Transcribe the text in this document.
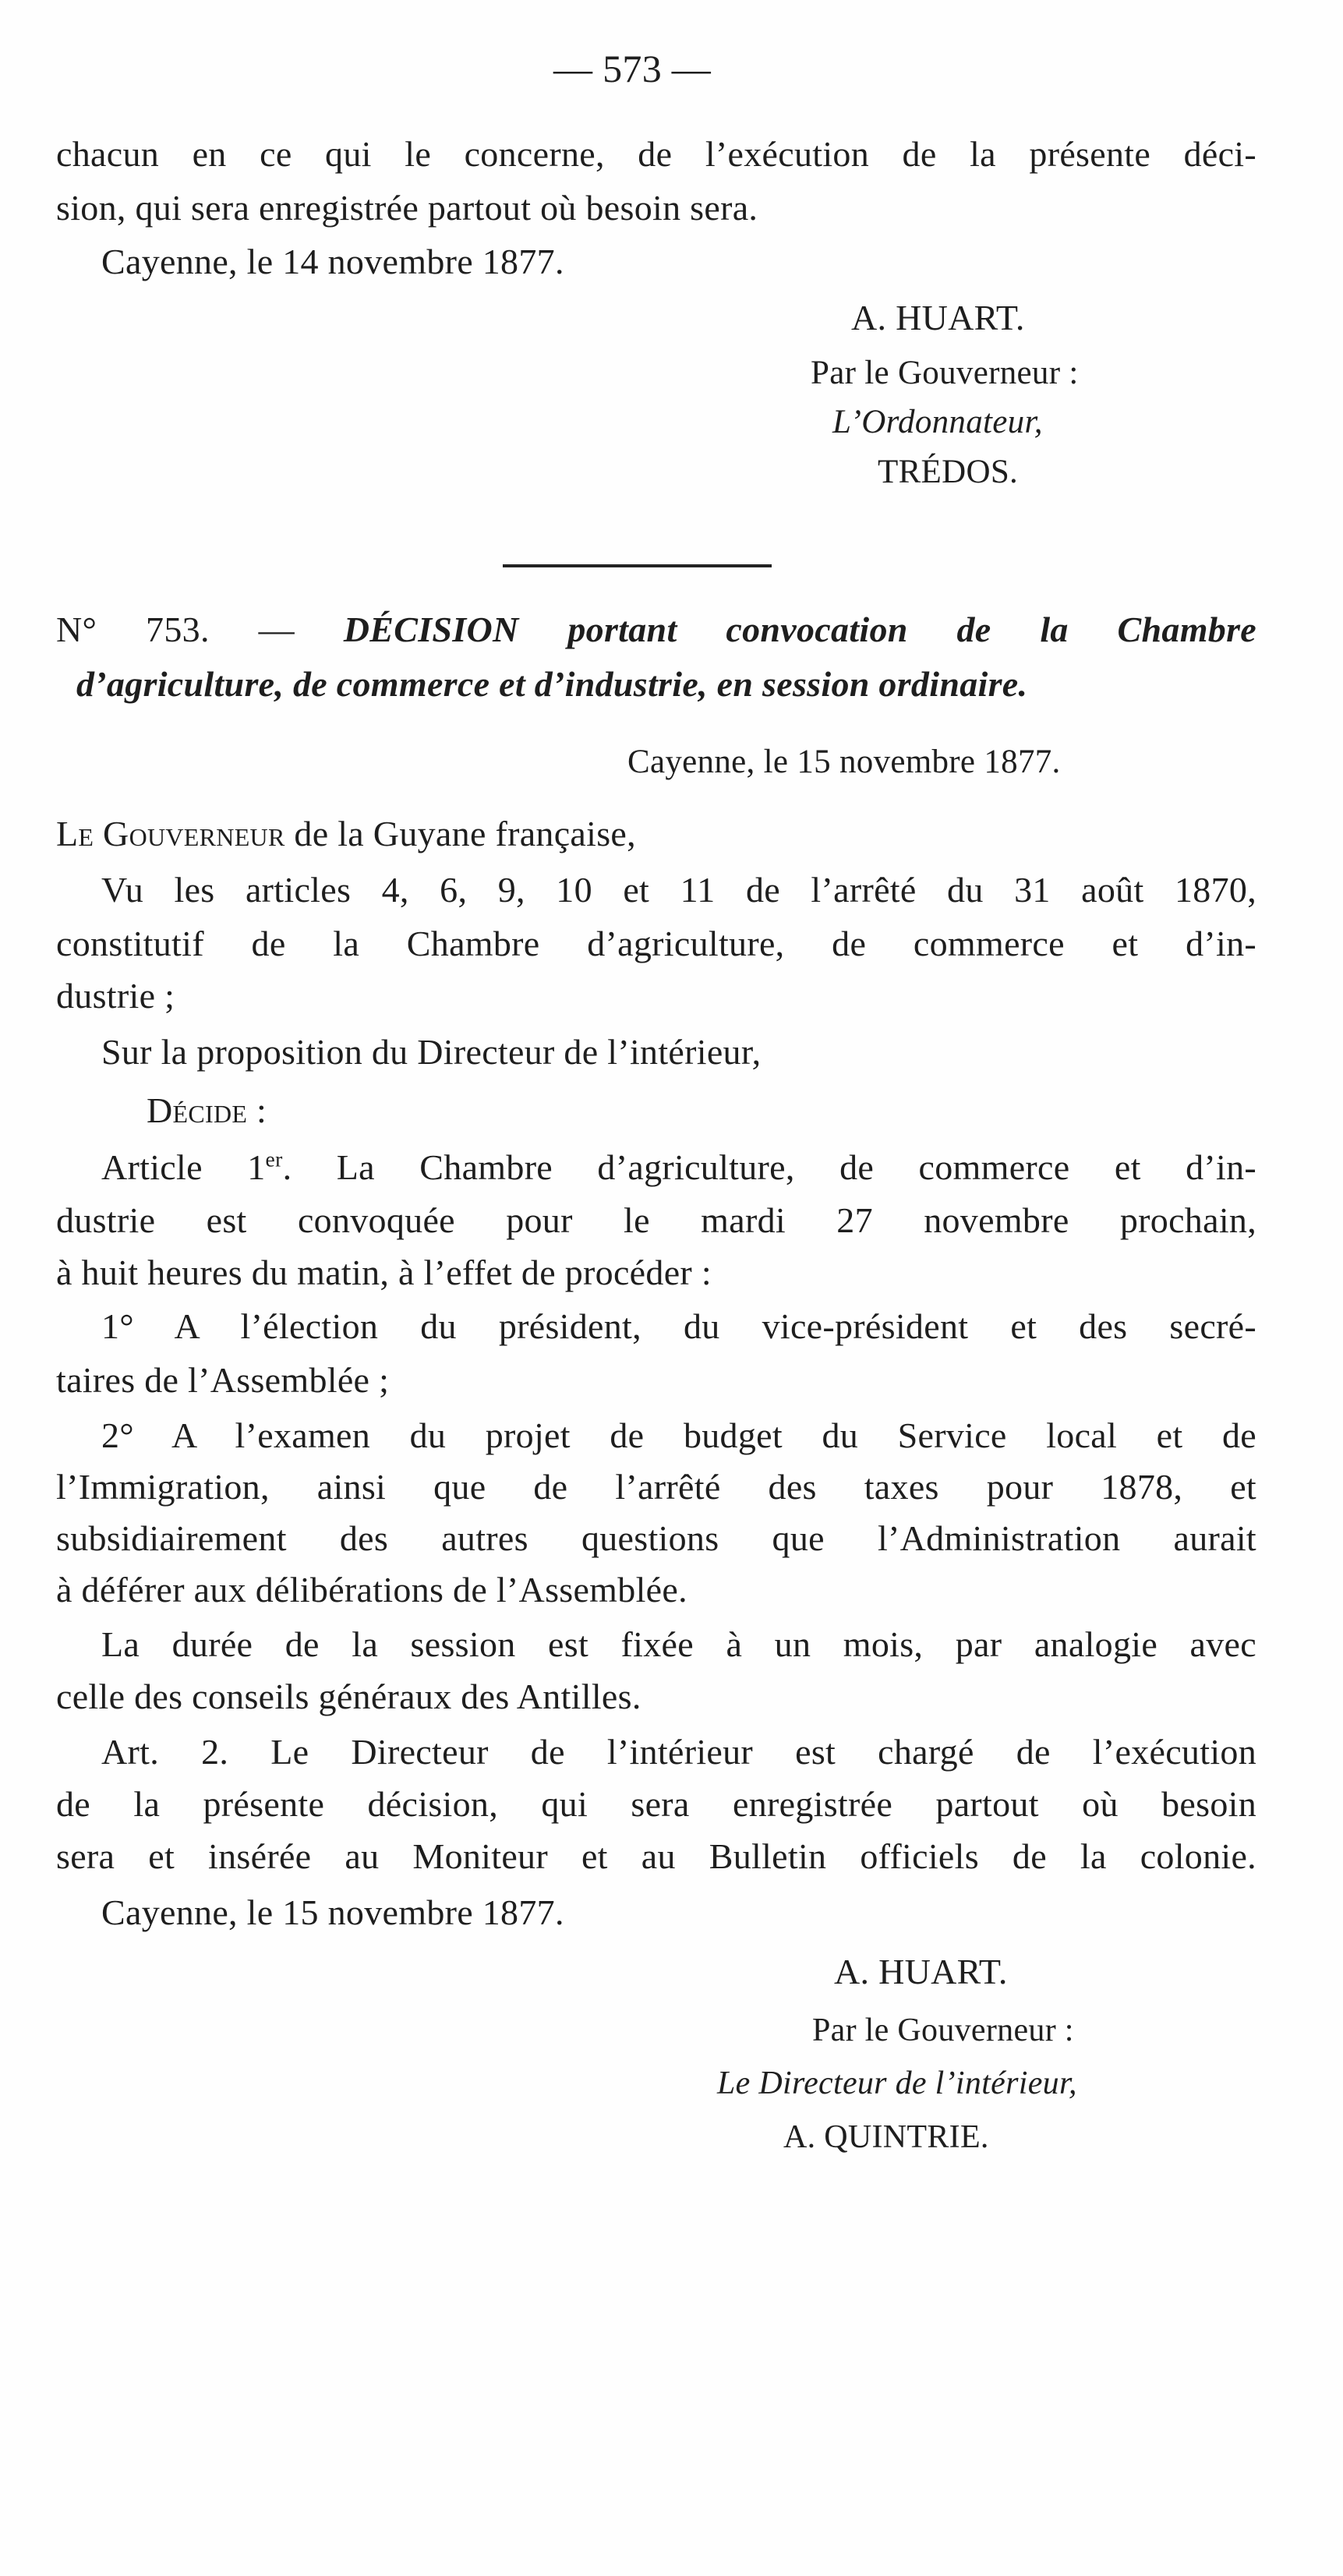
— 573 —
chacun en ce qui le concerne, de l’exécution de la présente déci-
sion, qui sera enregistrée partout où besoin sera.
Cayenne, le 14 novembre 1877.
A. HUART.
Par le Gouverneur :
L’Ordonnateur,
TRÉDOS.
N° 753. — DÉCISION portant convocation de la Chambre
d’agriculture, de commerce et d’industrie, en session ordinaire.
Cayenne, le 15 novembre 1877.
Le Gouverneur de la Guyane française,
Vu les articles 4, 6, 9, 10 et 11 de l’arrêté du 31 août 1870,
constitutif de la Chambre d’agriculture, de commerce et d’in-
dustrie ;
Sur la proposition du Directeur de l’intérieur,
Décide :
Article 1er. La Chambre d’agriculture, de commerce et d’in-
dustrie est convoquée pour le mardi 27 novembre prochain,
à huit heures du matin, à l’effet de procéder :
1° A l’élection du président, du vice-président et des secré-
taires de l’Assemblée ;
2° A l’examen du projet de budget du Service local et de
l’Immigration, ainsi que de l’arrêté des taxes pour 1878, et
subsidiairement des autres questions que l’Administration aurait
à déférer aux délibérations de l’Assemblée.
La durée de la session est fixée à un mois, par analogie avec
celle des conseils généraux des Antilles.
Art. 2. Le Directeur de l’intérieur est chargé de l’exécution
de la présente décision, qui sera enregistrée partout où besoin
sera et insérée au Moniteur et au Bulletin officiels de la colonie.
Cayenne, le 15 novembre 1877.
A. HUART.
Par le Gouverneur :
Le Directeur de l’intérieur,
A. QUINTRIE.
